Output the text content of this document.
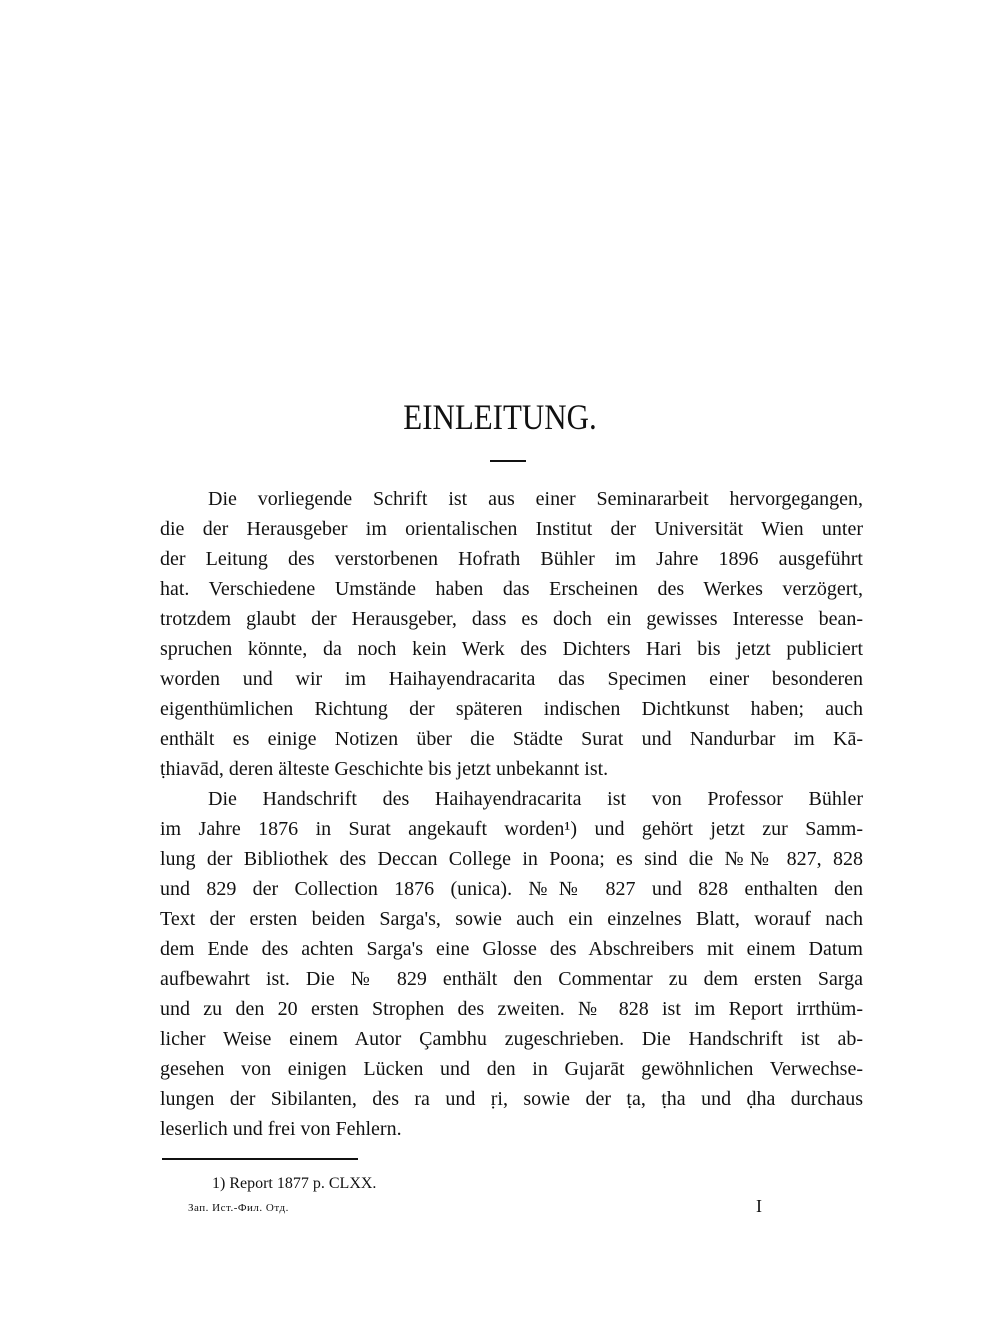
EINLEITUNG.
Die vorliegende Schrift ist aus einer Seminararbeit hervorgegangen,
die der Herausgeber im orientalischen Institut der Universität Wien unter
der Leitung des verstorbenen Hofrath Bühler im Jahre 1896 ausgeführt
hat. Verschiedene Umstände haben das Erscheinen des Werkes verzögert,
trotzdem glaubt der Herausgeber, dass es doch ein gewisses Interesse bean-
spruchen könnte, da noch kein Werk des Dichters Hari bis jetzt publiciert
worden und wir im Haihayendracarita das Specimen einer besonderen
eigenthümlichen Richtung der späteren indischen Dichtkunst haben; auch
enthält es einige Notizen über die Städte Surat und Nandurbar im Kā-
ṭhiavād, deren älteste Geschichte bis jetzt unbekannt ist.
Die Handschrift des Haihayendracarita ist von Professor Bühler
im Jahre 1876 in Surat angekauft worden¹) und gehört jetzt zur Samm-
lung der Bibliothek des Deccan College in Poona; es sind die №№ 827, 828
und 829 der Collection 1876 (unica). №№ 827 und 828 enthalten den
Text der ersten beiden Sarga's, sowie auch ein einzelnes Blatt, worauf nach
dem Ende des achten Sarga's eine Glosse des Abschreibers mit einem Datum
aufbewahrt ist. Die № 829 enthält den Commentar zu dem ersten Sarga
und zu den 20 ersten Strophen des zweiten. № 828 ist im Report irrthüm-
licher Weise einem Autor Çambhu zugeschrieben. Die Handschrift ist ab-
gesehen von einigen Lücken und den in Gujarāt gewöhnlichen Verwechse-
lungen der Sibilanten, des ra und ṛi, sowie der ṭa, ṭha und ḍha durchaus
leserlich und frei von Fehlern.
1) Report 1877 p. CLXX.
Зап. Ист.-Фил. Отд.	I
